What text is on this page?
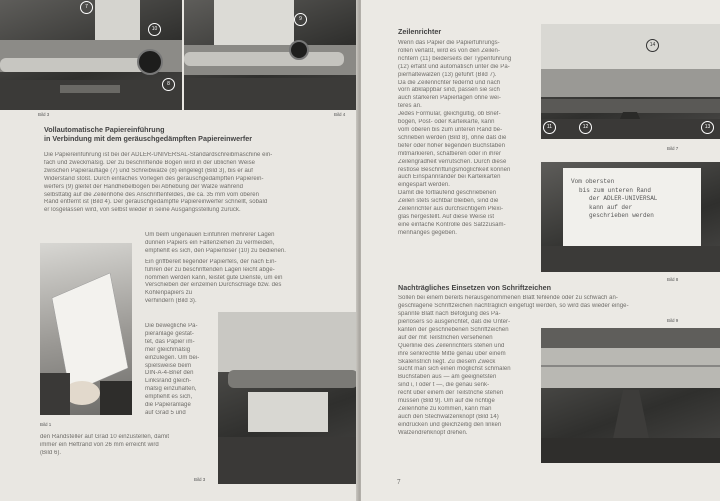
7
10
Bild 3
9
8
Bild 4
Vollautomatische Papiereinführung
in Verbindung mit dem geräuschgedämpften Papiereinwerfer
Die Papiereinführung ist bei der ADLER-UNIVERSAL-Standardschreibmaschine ein-
fach und zweckmäßig. Der zu beschriftende Bogen wird in der üblichen Weise
zwischen Papierauflage (7) und Schreibwalze (8) eingelegt (Bild 3), bis er auf
Widerstand stößt. Durch einfaches Vorlegen des geräuschgedämpften Papierein-
werfers (9) gleitet der Handhebelbogen bei Abhebung der Walze während
selbsttätig auf die Zeilenhöhe des Anschriftenfeldes, die ca. 35 mm vom oberen
Rand entfernt ist (Bild 4). Der geräuschgedämpfte Papiereinwerfer schnellt, sobald
er losgelassen wird, von selbst wieder in seine Ausgangsstellung zurück.
Bild 1
Um beim ungenauen Einführen mehrerer Lagen
dünnen Papiers ein Faltenziehen zu vermeiden,
empfiehlt es sich, den Papierlöser (10) zu bedienen.
Ein griffbereit liegender Papierfels, der nach Ein-
führen der zu beschriftenden Lagen leicht abge-
nommen werden kann, leistet gute Dienste, um ein
Verschieben der einzelnen Durchschläge bzw. des
Kohlenpapiers zu
verhindern (Bild 3).
Die bewegliche Pa-
pieranlage gestat-
tet, das Papier im-
mer gleichmäßig
einzulegen. Um bei-
spielsweise beim
DIN-A-4-Brief den
Linksrand gleich-
mäßig einzuhalten,
empfiehlt es sich,
die Papieranlage
auf Grad 5 und
den Randsteller auf Grad 10 einzustellen, damit
immer ein Heftrand von 26 mm erreicht wird
(Bild 6).
Bild 3
Zeilenrichter
Wenn das Papier die Papierführungs-
rollen verläßt, wird es von den Zeilen-
richtern (11) beiderseits der Typenführung
(12) erfaßt und automatisch unter die Pa-
pierhaltewalzen (13) geführt (Bild 7).
Da die Zeilenrichter federnd und nach
vorn abklappbar sind, passen sie sich
auch stärkeren Papierlagen ohne wei-
teres an.
Jedes Formular, gleichgültig, ob Brief-
bogen, Post- oder Karteikarte, kann
vom oberen bis zum unteren Rand be-
schrieben werden (Bild 8), ohne daß die
tiefer oder höher liegenden Buchstaben
mitmarkieren, schattieren oder in ihrer
Zeilengradheit verrutschen. Durch diese
restlose Beschriftungsmöglichkeit können
auch Einspannränder bei Karteikarten
eingespart werden.
Damit die fortlaufend geschriebenen
Zeilen stets sichtbar bleiben, sind die
Zeilenrichter aus durchsichtigem Plexi-
glas hergestellt. Auf diese Weise ist
eine einfache Kontrolle des Satzzusam-
menhanges gegeben.
14
11	12	13
Bild 7
Vom obersten
bis zum unteren Rand
der ADLER-UNIVERSAL
kann auf der
geschrieben werden
Bild 8
Nachträgliches Einsetzen von Schriftzeichen
Sollen bei einem bereits herausgenommenen Blatt fehlende oder zu schwach an-
geschlagene Schriftzeichen nachträglich eingefügt werden, so wird das wieder einge-
spannte Blatt nach Befolgung des Pa-
pierlösers so ausgerichtet, daß die Unter-
kanten der geschriebenen Schriftzeichen
auf der mit Teilstrichen versehenen
Querlinie des Zeilenrichters stehen und
ihre senkrechte Mitte genau über einem
Skalenstrich liegt. Zu diesem Zweck
sucht man sich einen möglichst schmalen
Buchstaben aus — am geeignetsten
sind i, l oder t —, die genau senk-
recht über einem der Teilstriche stehen
müssen (Bild 9). Um auf die richtige
Zeilenhöhe zu kommen, kann man
auch den Stechwalzenknopf (Bild 14)
eindrücken und gleichzeitig den linken
Walzendrehknopf drehen.
Bild 9
7
